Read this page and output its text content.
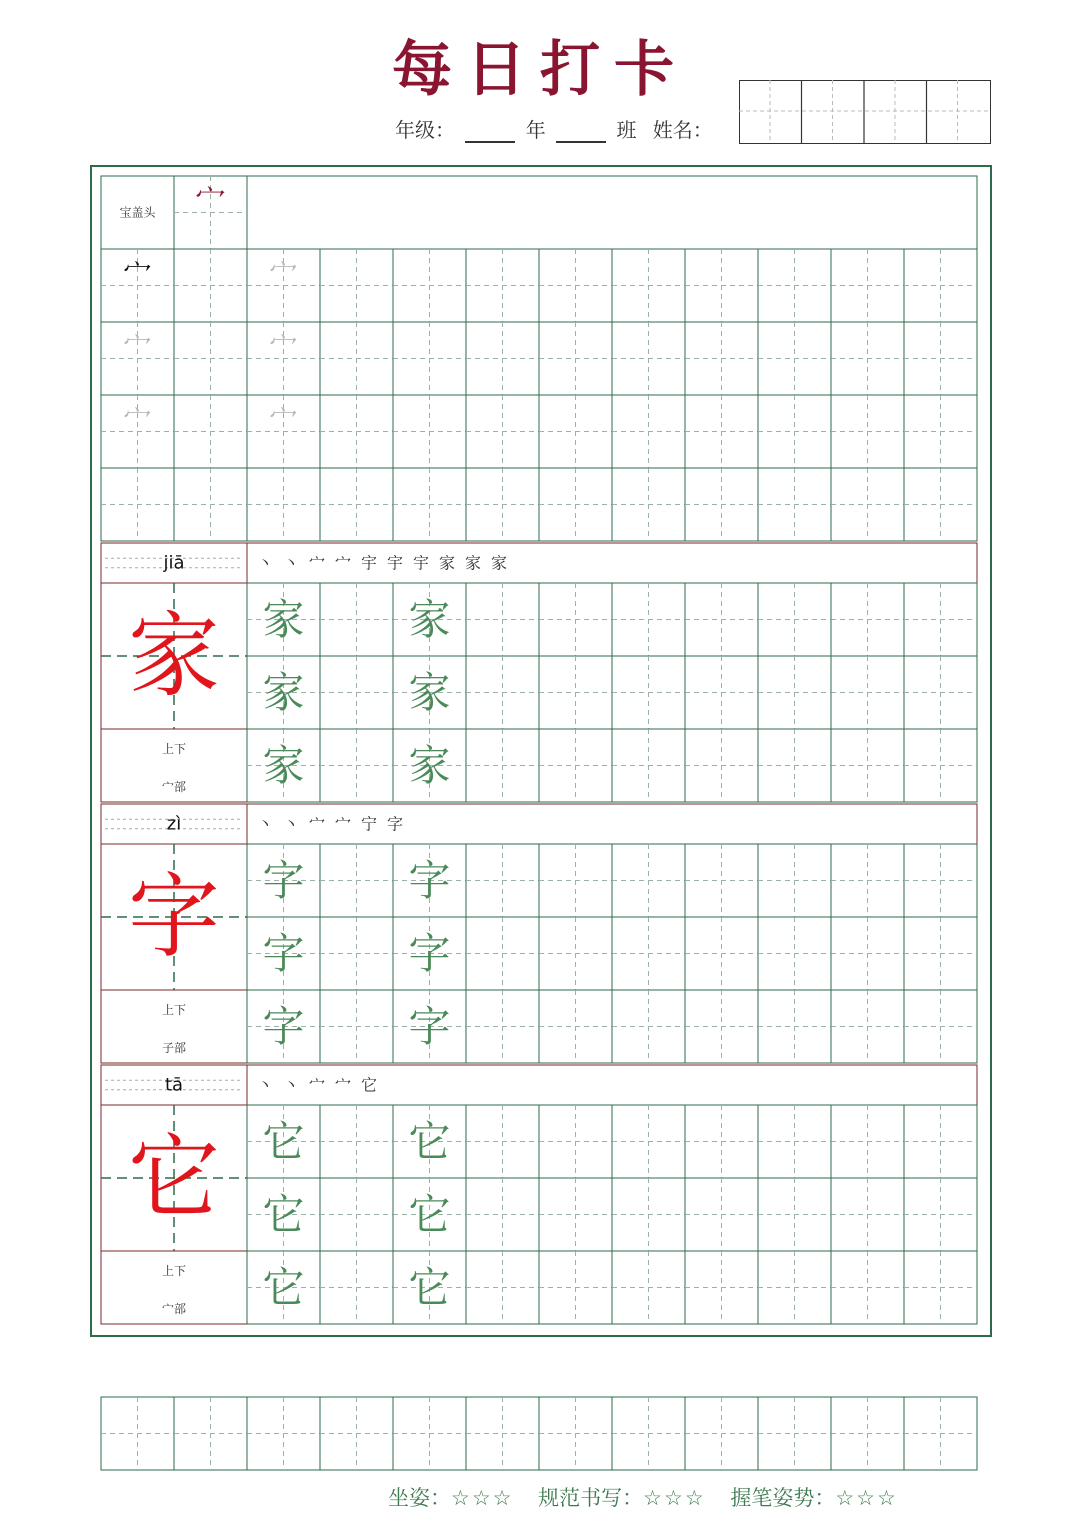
每日打卡
年级：	年	班 姓名：
宝盖头 宀
宀	宀
宀	宀
宀	宀
jiā	丶 丶 宀 宀 宇 宇 宇 家 家 家
家
上下
宀部
家 家
家 家
家 家
zì	丶 丶 宀 宀 宁 字
字
上下
子部
字 字
字 字
字 字
tā	丶 丶 宀 宀 它
它
上下
宀部
它 它
它 它
它 它
坐姿：☆☆☆ 规范书写：☆☆☆ 握笔姿势：☆☆☆
